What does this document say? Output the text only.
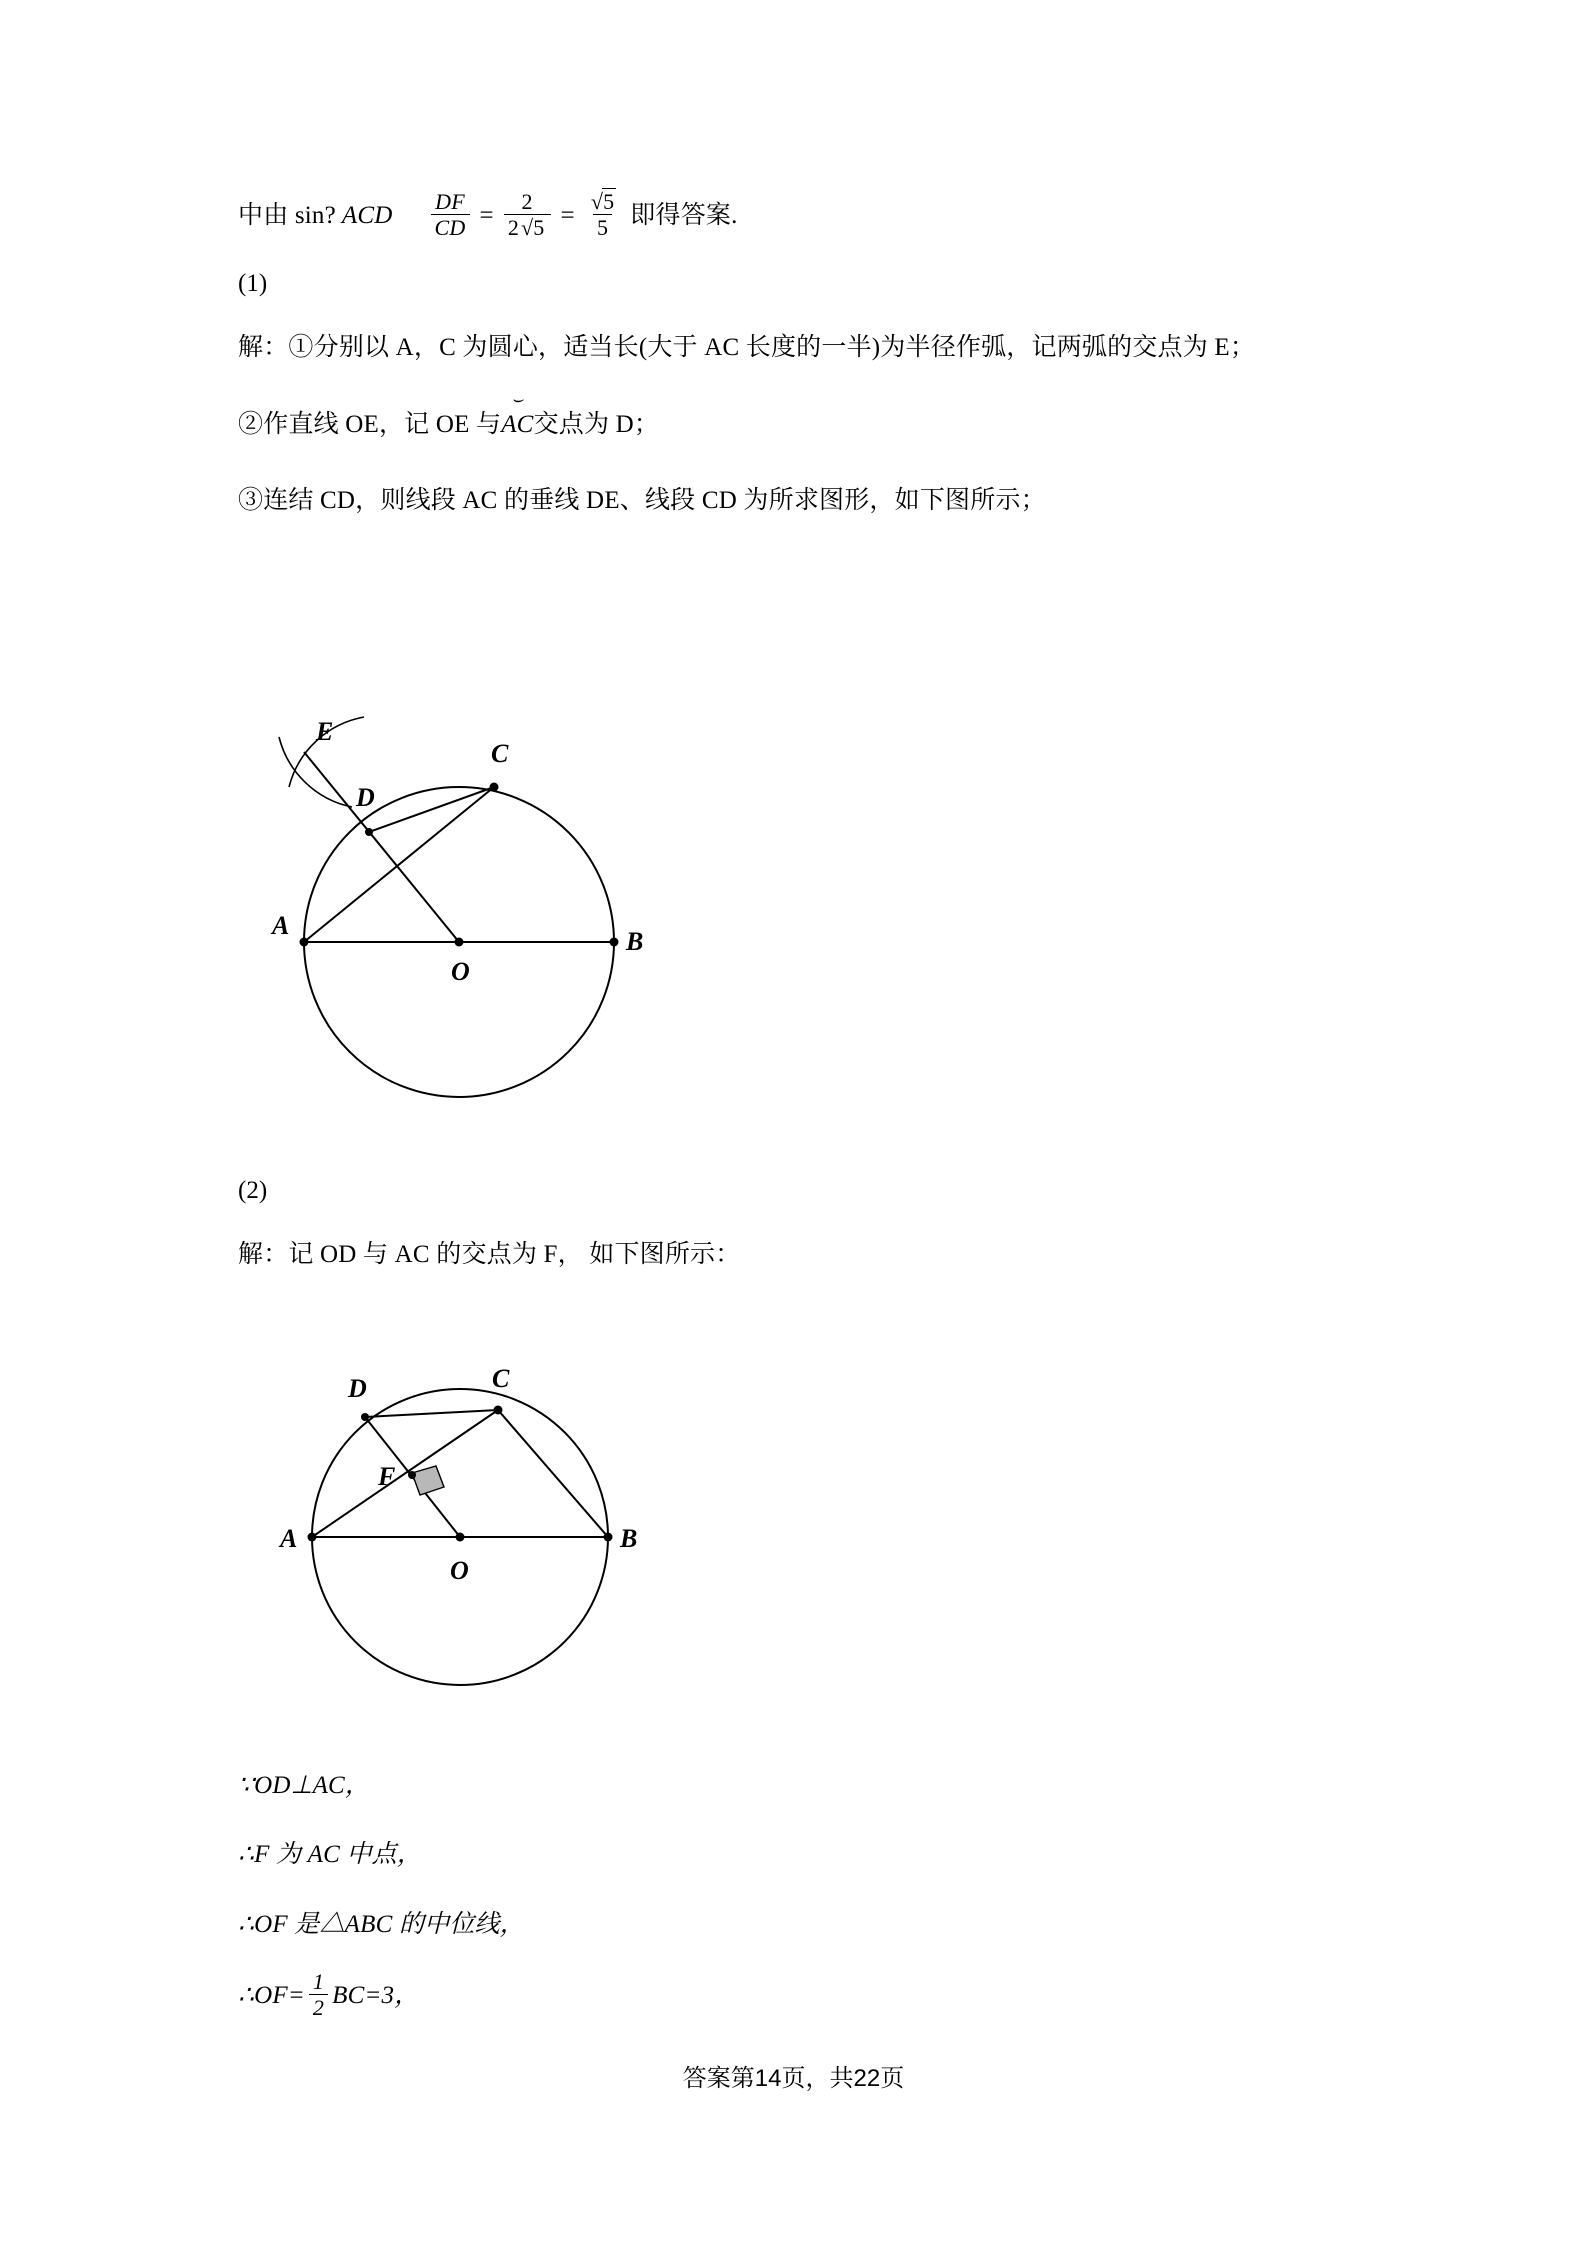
中由 sin? ACD $\frac{DF}{CD} = \frac{2}{2√5} = \frac{√5}{5}$ 即得答案.
(1)
解：①分别以 A，C 为圆心，适当长(大于 AC 长度的一半)为半径作弧，记两弧的交点为 E；
②作直线 OE，记 OE 与
⌣
AC交点为 D；
③连结 CD，则线段 AC 的垂线 DE、线段 CD 为所求图形，如下图所示；
E
D
C
A
O
B
(2)
解：记 OD 与 AC 的交点为 F， 如下图所示：
D	C
F
A
O
B
∵OD⊥AC，
∴F 为 AC 中点，
∴OF 是△ABC 的中位线，
∴OF= $\frac{1}{2} BC=3$，
答案第14页，共22页
